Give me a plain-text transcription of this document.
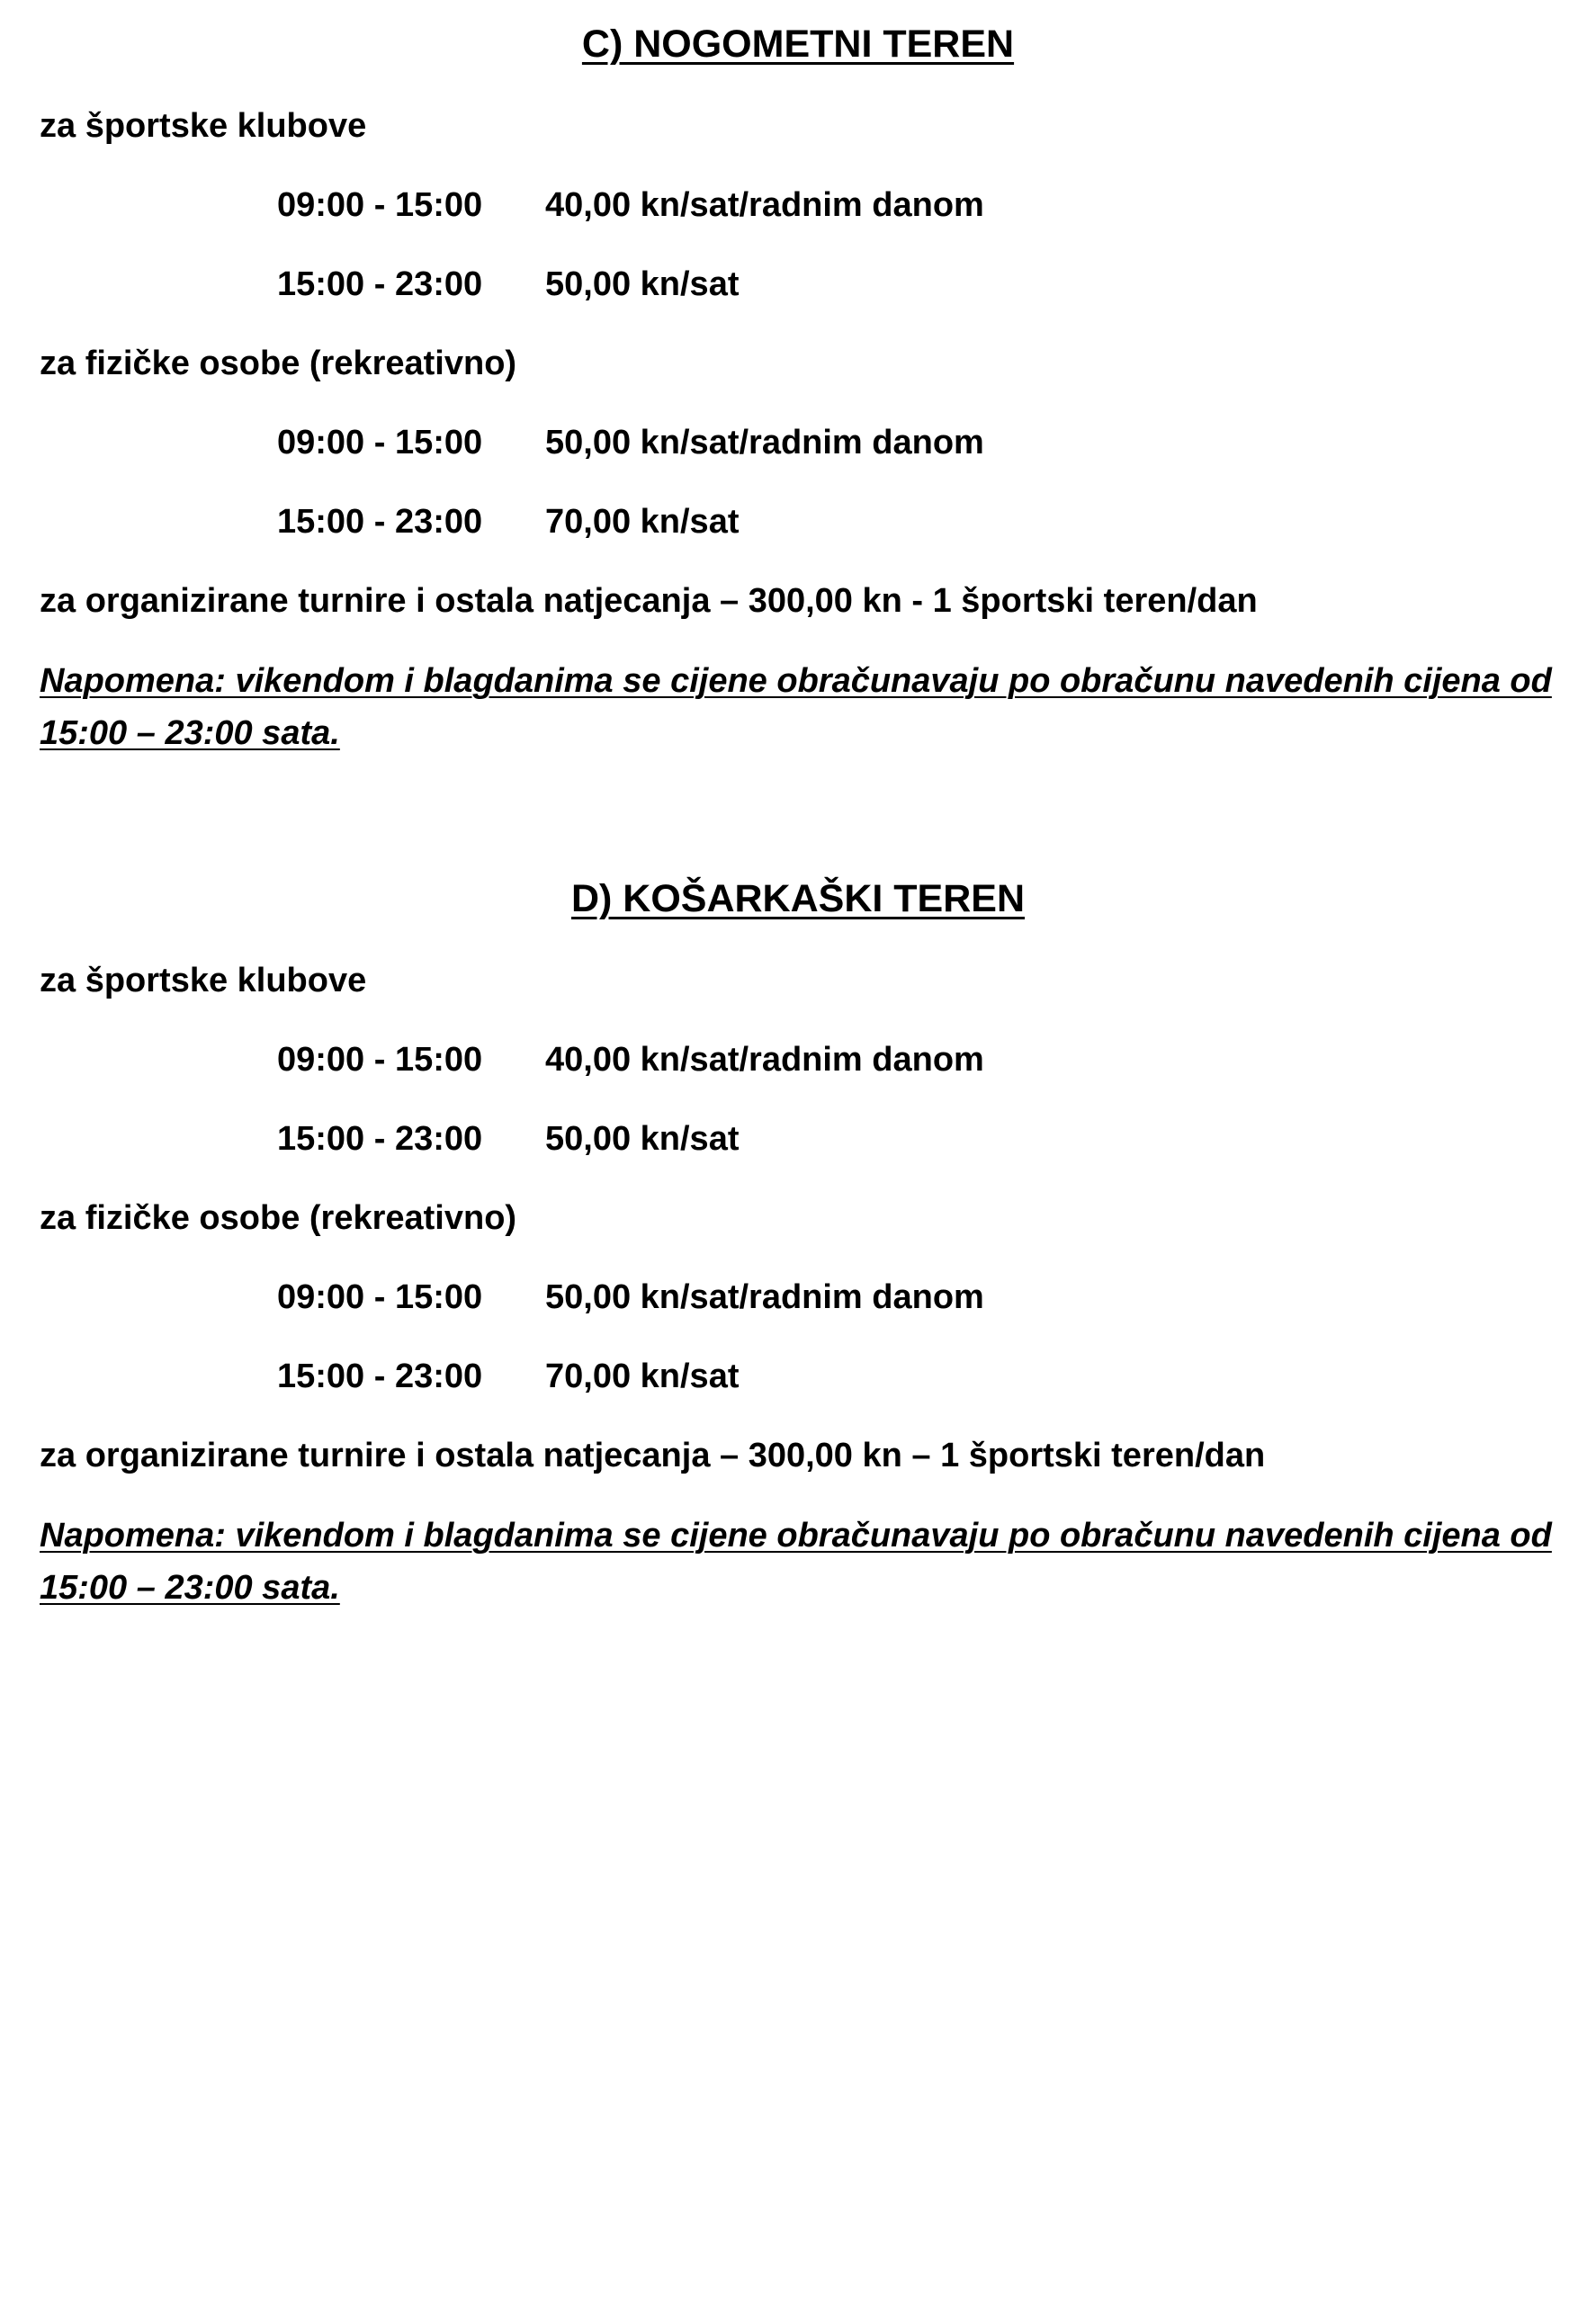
C) NOGOMETNI TEREN
za športske klubove
09:00 - 15:00 40,00 kn/sat/radnim danom
15:00 - 23:00 50,00 kn/sat
za fizičke osobe (rekreativno)
09:00 - 15:00 50,00 kn/sat/radnim danom
15:00 - 23:00 70,00 kn/sat
za organizirane turnire i ostala natjecanja – 300,00 kn - 1 športski teren/dan

Napomena: vikendom i blagdanima se cijene obračunavaju po obračunu navedenih cijena od 15:00 – 23:00 sata.

D) KOŠARKAŠKI TEREN
za športske klubove
09:00 - 15:00 40,00 kn/sat/radnim danom
15:00 - 23:00 50,00 kn/sat
za fizičke osobe (rekreativno)
09:00 - 15:00 50,00 kn/sat/radnim danom
15:00 - 23:00 70,00 kn/sat
za organizirane turnire i ostala natjecanja – 300,00 kn – 1 športski teren/dan

Napomena: vikendom i blagdanima se cijene obračunavaju po obračunu navedenih cijena od 15:00 – 23:00 sata.
